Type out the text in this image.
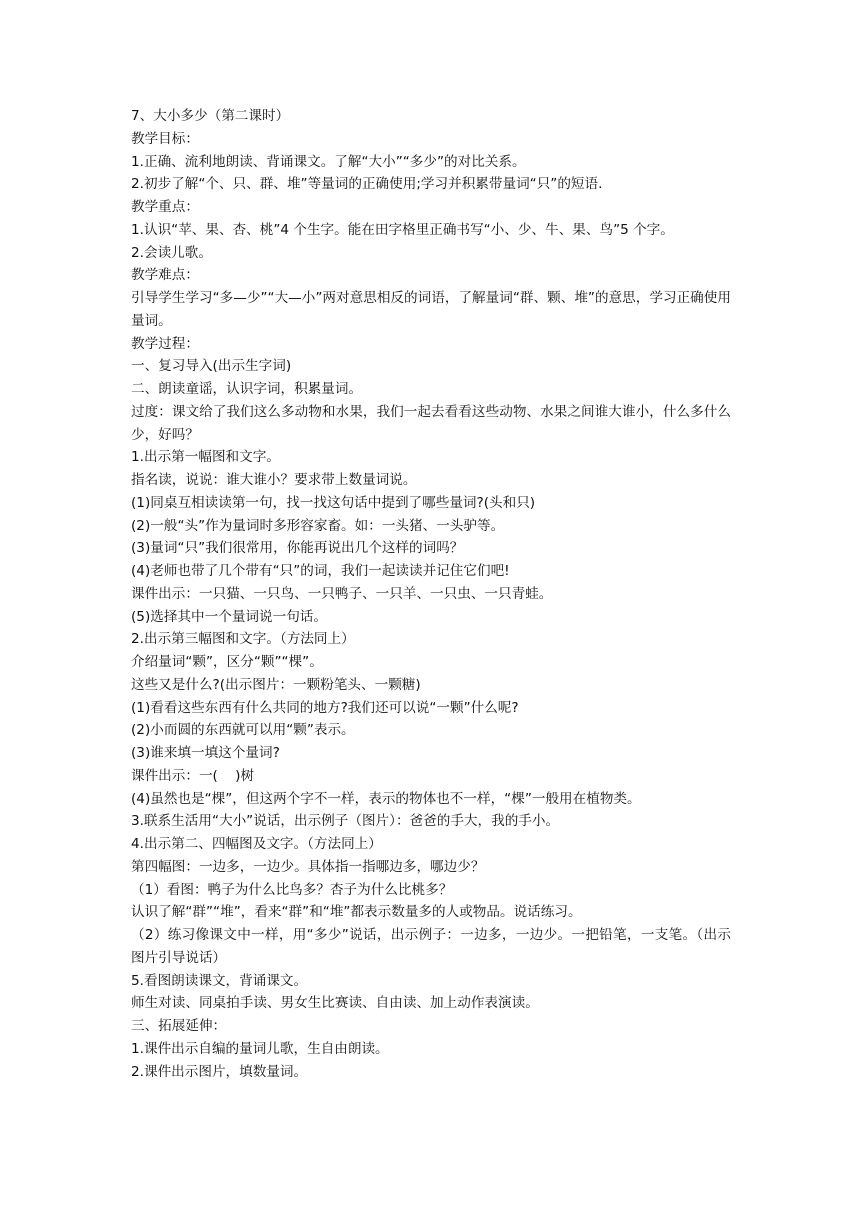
7、大小多少（第二课时）

教学目标：

1.正确、流利地朗读、背诵课文。了解“大小”“多少”的对比关系。

2.初步了解“个、只、群、堆”等量词的正确使用;学习并积累带量词“只”的短语.

教学重点：

1.认识“苹、果、杏、桃”4 个生字。能在田字格里正确书写“小、少、牛、果、鸟”5 个字。

2.会读儿歌。

教学难点：

引导学生学习“多—少”“大—小”两对意思相反的词语，了解量词“群、颗、堆”的意思，学习正确使用量词。

教学过程：

一、复习导入(出示生字词)

二、朗读童谣，认识字词，积累量词。

过度：课文给了我们这么多动物和水果，我们一起去看看这些动物、水果之间谁大谁小，什么多什么少，好吗？

1.出示第一幅图和文字。

指名读，说说：谁大谁小？要求带上数量词说。

(1)同桌互相读读第一句，找一找这句话中提到了哪些量词?(头和只)

(2)一般“头”作为量词时多形容家畜。如：一头猪、一头驴等。

(3)量词“只”我们很常用，你能再说出几个这样的词吗？

(4)老师也带了几个带有“只”的词，我们一起读读并记住它们吧!

课件出示：一只猫、一只鸟、一只鸭子、一只羊、一只虫、一只青蛙。

(5)选择其中一个量词说一句话。

2.出示第三幅图和文字。（方法同上）

介绍量词“颗”，区分“颗”“棵”。

这些又是什么?(出示图片：一颗粉笔头、一颗糖)

(1)看看这些东西有什么共同的地方?我们还可以说“一颗”什么呢?

(2)小而圆的东西就可以用“颗”表示。

(3)谁来填一填这个量词?

课件出示：一(    )树

(4)虽然也是“棵”，但这两个字不一样，表示的物体也不一样，“棵”一般用在植物类。

3.联系生活用“大小”说话，出示例子（图片）：爸爸的手大，我的手小。

4.出示第二、四幅图及文字。（方法同上）

第四幅图：一边多，一边少。具体指一指哪边多，哪边少？

（1）看图：鸭子为什么比鸟多？杏子为什么比桃多？

认识了解“群”“堆”，看来“群”和“堆”都表示数量多的人或物品。说话练习。

（2）练习像课文中一样，用“多少”说话，出示例子：一边多，一边少。一把铅笔，一支笔。（出示图片引导说话）

5.看图朗读课文，背诵课文。

师生对读、同桌拍手读、男女生比赛读、自由读、加上动作表演读。

三、拓展延伸：

1.课件出示自编的量词儿歌，生自由朗读。

2.课件出示图片，填数量词。
